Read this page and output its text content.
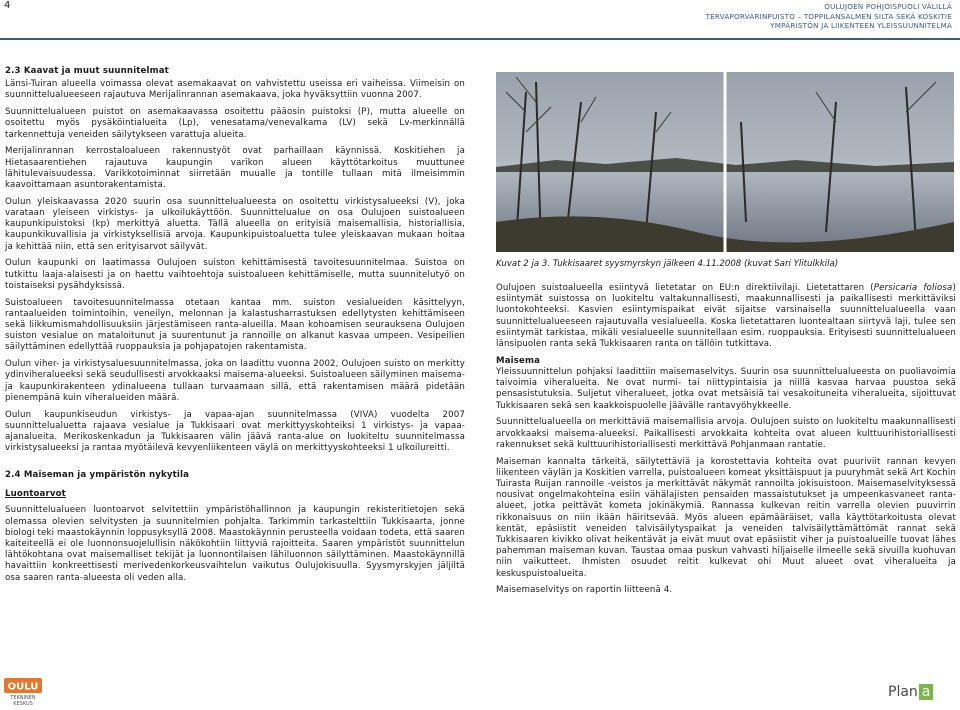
4	OULUJOEN POHJOISPUOLI VÄLILLÄ
TERVAPORVARINPUISTO – TOPPILANSALMEN SILTA SEKÄ KOSKITIE
YMPÄRISTÖN JA LIIKENTEEN YLEISSUUNNITELMA
2.3 Kaavat ja muut suunnitelmat

Länsi-Tuiran alueella voimassa olevat asemakaavat on vahvistettu useissa eri vaiheissa. Viimeisin on suunnittelualueeseen rajautuva Merijalinrannan asemakaava, joka hyväksyttiin vuonna 2007.

Suunnittelualueen puistot on asemakaavassa osoitettu pääosin puistoksi (P), mutta alueelle on osoitettu myös pysäköintialueita (Lp), venesatama/venevalkama (LV) sekä Lv-merkinnällä tarkennettuja veneiden säilytykseen varattuja alueita.

Merijalinrannan kerrostaloalueen rakennustyöt ovat parhaillaan käynnissä. Koskitiehen ja Hietasaarentiehen rajautuva kaupungin varikon alueen käyttötarkoitus muuttunee lähitulevaisuudessa. Varikkotoiminnat siirretään muualle ja tontille tullaan mitä ilmeisimmin kaavoittamaan asuntorakentamista.

Oulun yleiskaavassa 2020 suurin osa suunnittelualueesta on osoitettu virkistysalueeksi (V), joka varataan yleiseen virkistys- ja ulkoilukäyttöön. Suunnittelualue on osa Oulujoen suistoalueen kaupunkipuistoksi (kp) merkittyä aluetta. Tällä alueella on erityisiä maisemallisia, historiallisia, kaupunkikuvallisia ja virkistyksellisiä arvoja. Kaupunkipuistoaluetta tulee yleiskaavan mukaan hoitaa ja kehittää niin, että sen erityisarvot säilyvät.

Oulun kaupunki on laatimassa Oulujoen suiston kehittämisestä tavoitesuunnitelmaa. Suistoa on tutkittu laaja-alaisesti ja on haettu vaihtoehtoja suistoalueen kehittämiselle, mutta suunnitelutyö on toistaiseksi pysähdyksissä.

Suistoalueen tavoitesuunnitelmassa otetaan kantaa mm. suiston vesialueiden käsittelyyn, rantaalueiden toimintoihin, veneilyn, melonnan ja kalastusharrastuksen edellytysten kehittämiseen sekä liikkumismahdollisuuksiin järjestämiseen ranta-alueilla. Maan kohoamisen seurauksena Oulujoen suiston vesialue on mataloitunut ja suurentunut ja rannoille on alkanut kasvaa umpeen. Vesipeilien säilyttäminen edellyttää ruoppauksia ja pohjapatojen rakentamista.

Oulun viher- ja virkistysaluesuunnitelmassa, joka on laadittu vuonna 2002, Oulujoen suisto on merkitty ydinviheralueeksi sekä seudullisesti arvokkaaksi maisema-alueeksi. Suistoalueen säilyminen maisema- ja kaupunkirakenteen ydinalueena tullaan turvaamaan sillä, että rakentamisen määrä pidetään pienempänä kuin viheralueiden määrä.

Oulun kaupunkiseudun virkistys- ja vapaa-ajan suunnitelmassa (VIVA) vuodelta 2007 suunnittelualuetta rajaava vesialue ja Tukkisaari ovat merkittyyskohteiksi 1 virkistys- ja vapaa-ajanalueita. Merikoskenkadun ja Tukkisaaren välin jäävä ranta-alue on luokiteltu suunnitelmassa virkistysalueeksi ja rantaa myötäilevä kevyenliikenteen väylä on merkittyyskohteeksi 1 ulkoilureitti.

2.4 Maiseman ja ympäristön nykytila
Luontoarvot

Suunnittelualueen luontoarvot selvitettiin ympäristöhallinnon ja kaupungin rekisteritietojen sekä olemassa olevien selvitysten ja suunnitelmien pohjalta. Tarkimmin tarkastelttiin Tukkisaarta, jonne biologi teki maastokäynnin loppusyksyllä 2008. Maastokäynnin perusteella voidaan todeta, että saaren kaiteiteellä ei ole luonnonsuojelullisin näkökohtiin liittyviä rajoitteita. Saaren ympäristöt suunnittelun lähtökohtana ovat maisemalliset tekijät ja luonnontilaisen lähiluonnon säilyttäminen. Maastokäynnillä havaittiin konkreettisesti merivedenkorkeusvaihtelun vaikutus Oulujokisuulla. Syysmyrskyjen jäljiltä osa saaren ranta-alueesta oli veden alla.

Kuvat 2 ja 3. Tukkisaaret syysmyrskyn jälkeen 4.11.2008 (kuvat Sari Ylitulkkila)

Oulujoen suistoalueella esiintyvä lietetatar on EU:n direktiivilaji. Lietetattaren (Persicaria foliosa) esiintymät suistossa on luokiteltu valtakunnallisesti, maakunnallisesti ja paikallisesti merkittäviksi luontokohteeksi. Kasvien esiintymispaikat eivät sijaitse varsinaisella suunnittelualueella vaan suunnittelualueeseen rajautuvalla vesialueella. Koska lietetattaren luontealtaan siirtyvä laji, tulee sen esiintymät tarkistaa, mikäli vesialueelle suunnitellaan esim. ruoppauksia. Erityisesti suunnittelualueen länsipuolen ranta sekä Tukkisaaren ranta on tällöin tutkittava.

Maisema

Yleissuunnittelun pohjaksi laadittiin maisemaselvitys. Suurin osa suunnittelualueesta on puoliavoimia taivoimia viheralueita. Ne ovat nurmi- tai niittypintaisia ja niillä kasvaa harvaa puustoa sekä pensasistutuksia. Suljetut viheralueet, jotka ovat metsäisiä tai vesakoituneita viheralueita, sijoittuvat Tukkisaaren sekä sen kaakkoispuolelle jäävälle rantavyöhykkeelle.

Suunnittelualueella on merkittäviä maisemallisia arvoja. Oulujoen suisto on luokiteltu maakunnallisesti arvokkaaksi maisema-alueeksi. Paikallisesti arvokkaita kohteita ovat alueen kulttuurihistoriallisesti rakennukset sekä kulttuurihistoriallisesti merkittävä Pohjanmaan rantatie.

Maiseman kannalta tärkeitä, säilytettäviä ja korostettavia kohteita ovat puuriviit rannan kevyen liikenteen väylän ja Koskitien varrella, puistoalueen komeat yksittäispuut ja puuryhmät sekä Art Kochin Tuirasta Ruijan rannoille -veistos ja merkittävät näkymät rannoilta jokisuistoon. Maisemaselvityksessä nousivat ongelmakohteina esiin vähälajisten pensaiden massaistutukset ja umpeenkasvaneet ranta-alueet, jotka peittävät kometa jokinäkymiä. Rannassa kulkevan reitin varrella olevien puuvirrin rikkonaisuus on niin ikään häiritsevää. Myös alueen epämääräiset, valla käyttötarkoitusta olevat kentät, epäsiistit veneiden talvisäilytyspaikat ja veneiden talvisäilyttämättömät rannat sekä Tukkisaaren kivikko olivat heikentävät ja eivät muut ovat epäsiistit viher ja puistoalueille tuovat lähes pahemman maiseman kuvan. Taustaa omaa puskun vahvasti hiljaiselle ilmeelle sekä sivuilla kuohuvan niin vaikutteet. Ihmisten osuudet reitit kulkevat ohi Muut alueet ovat viheralueita ja keskuspuistoalueita.

Maisemaselvitys on raportin liitteenä 4.

OULU
TEKNINEN
KESKUS
Plan a
